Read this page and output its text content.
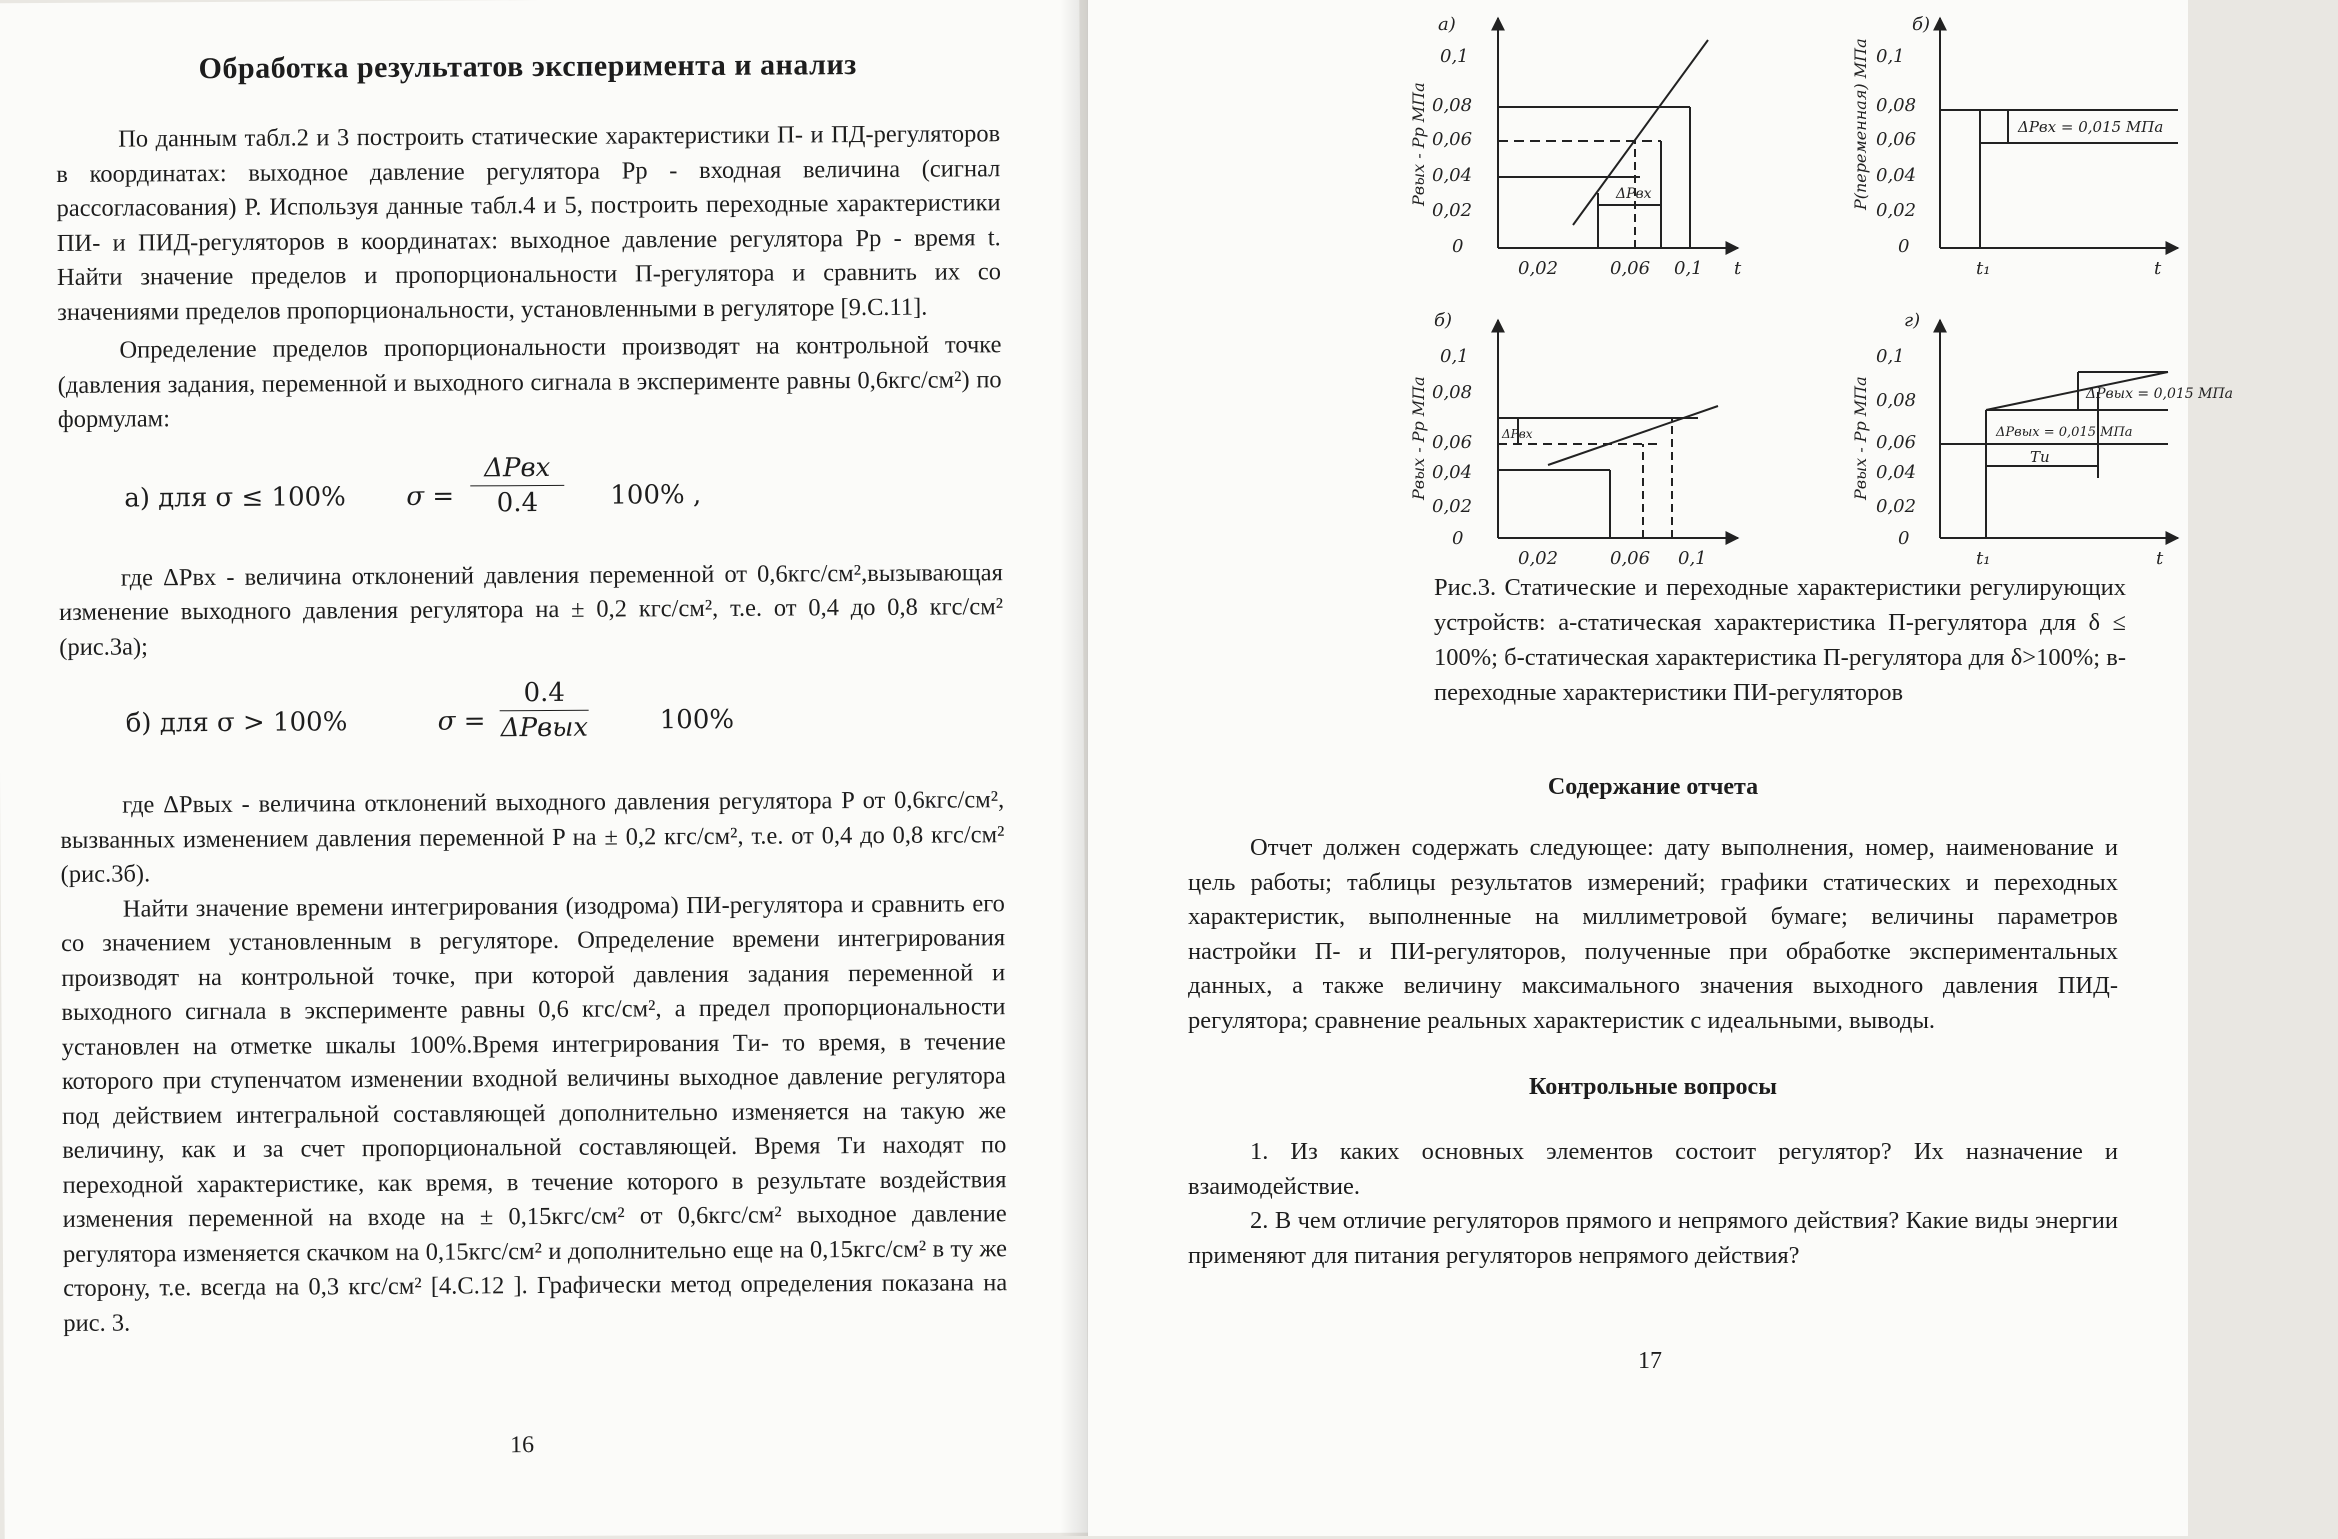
Обработка результатов эксперимента и анализ

По данным табл.2 и 3 построить статические характеристики П- и ПД-регуляторов в координатах: выходное давление регулятора Pр - входная величина (сигнал рассогласования) P. Используя данные табл.4 и 5, построить переходные характеристики ПИ- и ПИД-регуляторов в координатах: выходное давление регулятора Pр - время t. Найти значение пределов и пропорциональности П-регулятора и сравнить их со значениями пределов пропорциональности, установленными в регуляторе [9.С.11].

Определение пределов пропорциональности производят на контрольной точке (давления задания, переменной и выходного сигнала в эксперименте равны 0,6кгс/см²) по формулам:

а) для σ ≤ 100% σ =
ΔPвх
0.4	100% ,

где ΔPвх - величина отклонений давления переменной от 0,6кгс/см²,вызывающая изменение выходного давления регулятора на ± 0,2 кгс/см², т.е. от 0,4 до 0,8 кгс/см² (рис.3а);

б) для σ > 100%	σ =
0.4
ΔPвых	100%

где ΔPвых - величина отклонений выходного давления регулятора P от 0,6кгс/см², вызванных изменением давления переменной P на ± 0,2 кгс/см², т.е. от 0,4 до 0,8 кгс/см² (рис.3б).

Найти значение времени интегрирования (изодрома) ПИ-регулятора и сравнить его со значением установленным в регуляторе. Определение времени интегрирования производят на контрольной точке, при которой давления задания переменной и выходного сигнала в эксперименте равны 0,6 кгс/см², а предел пропорциональности установлен на отметке шкалы 100%.Время интегрирования Tи- то время, в течение которого при ступенчатом изменении входной величины выходное давление регулятора под действием интегральной составляющей дополнительно изменяется на такую же величину, как и за счет пропорциональной составляющей. Время Tи находят по переходной характеристике, как время, в течение которого в результате воздействия изменения переменной на входе на ± 0,15кгс/см² от 0,6кгс/см² выходное давление регулятора изменяется скачком на 0,15кгс/см² и дополнительно еще на 0,15кгс/см² в ту же сторону, т.е. всегда на 0,3 кгс/см² [4.С.12 ]. Графически метод определения показана на рис. 3.

16
а)
0,1
0,08
0,06
0,04
0,02
0
0,02	0,06 0,1 t
ΔPвх
Pвых - Pр МПа
б)
0,1
0,08
0,06
0,04
0,02
0
t₁	t
ΔPвх = 0,015 МПа
P(переменная) МПа
б)
0,1
0,08
0,06
0,04
0,02
0
0,02	0,06 0,1
ΔPвх
Pвых - Pр МПа
г)
0,1
0,08
0,06
0,04
0,02
0
t₁	t
ΔPвых = 0,015 МПа
ΔPвых = 0,015 МПа
Tи
Pвых - Pр МПа

Рис.3. Статические и переходные характеристики регулирующих устройств: а-статическая характеристика П-регулятора для δ ≤ 100%; б-статическая характеристика П-регулятора для δ>100%; в-переходные характеристики ПИ-регуляторов

Содержание отчета

Отчет должен содержать следующее: дату выполнения, номер, наименование и цель работы; таблицы результатов измерений; графики статических и переходных характеристик, выполненные на миллиметровой бумаге; величины параметров настройки П- и ПИ-регуляторов, полученные при обработке экспериментальных данных, а также величину максимального значения выходного давления ПИД-регулятора; сравнение реальных характеристик с идеальными, выводы.

Контрольные вопросы

1. Из каких основных элементов состоит регулятор? Их назначение и взаимодействие.

2. В чем отличие регуляторов прямого и непрямого действия? Какие виды энергии применяют для питания регуляторов непрямого действия?

17
